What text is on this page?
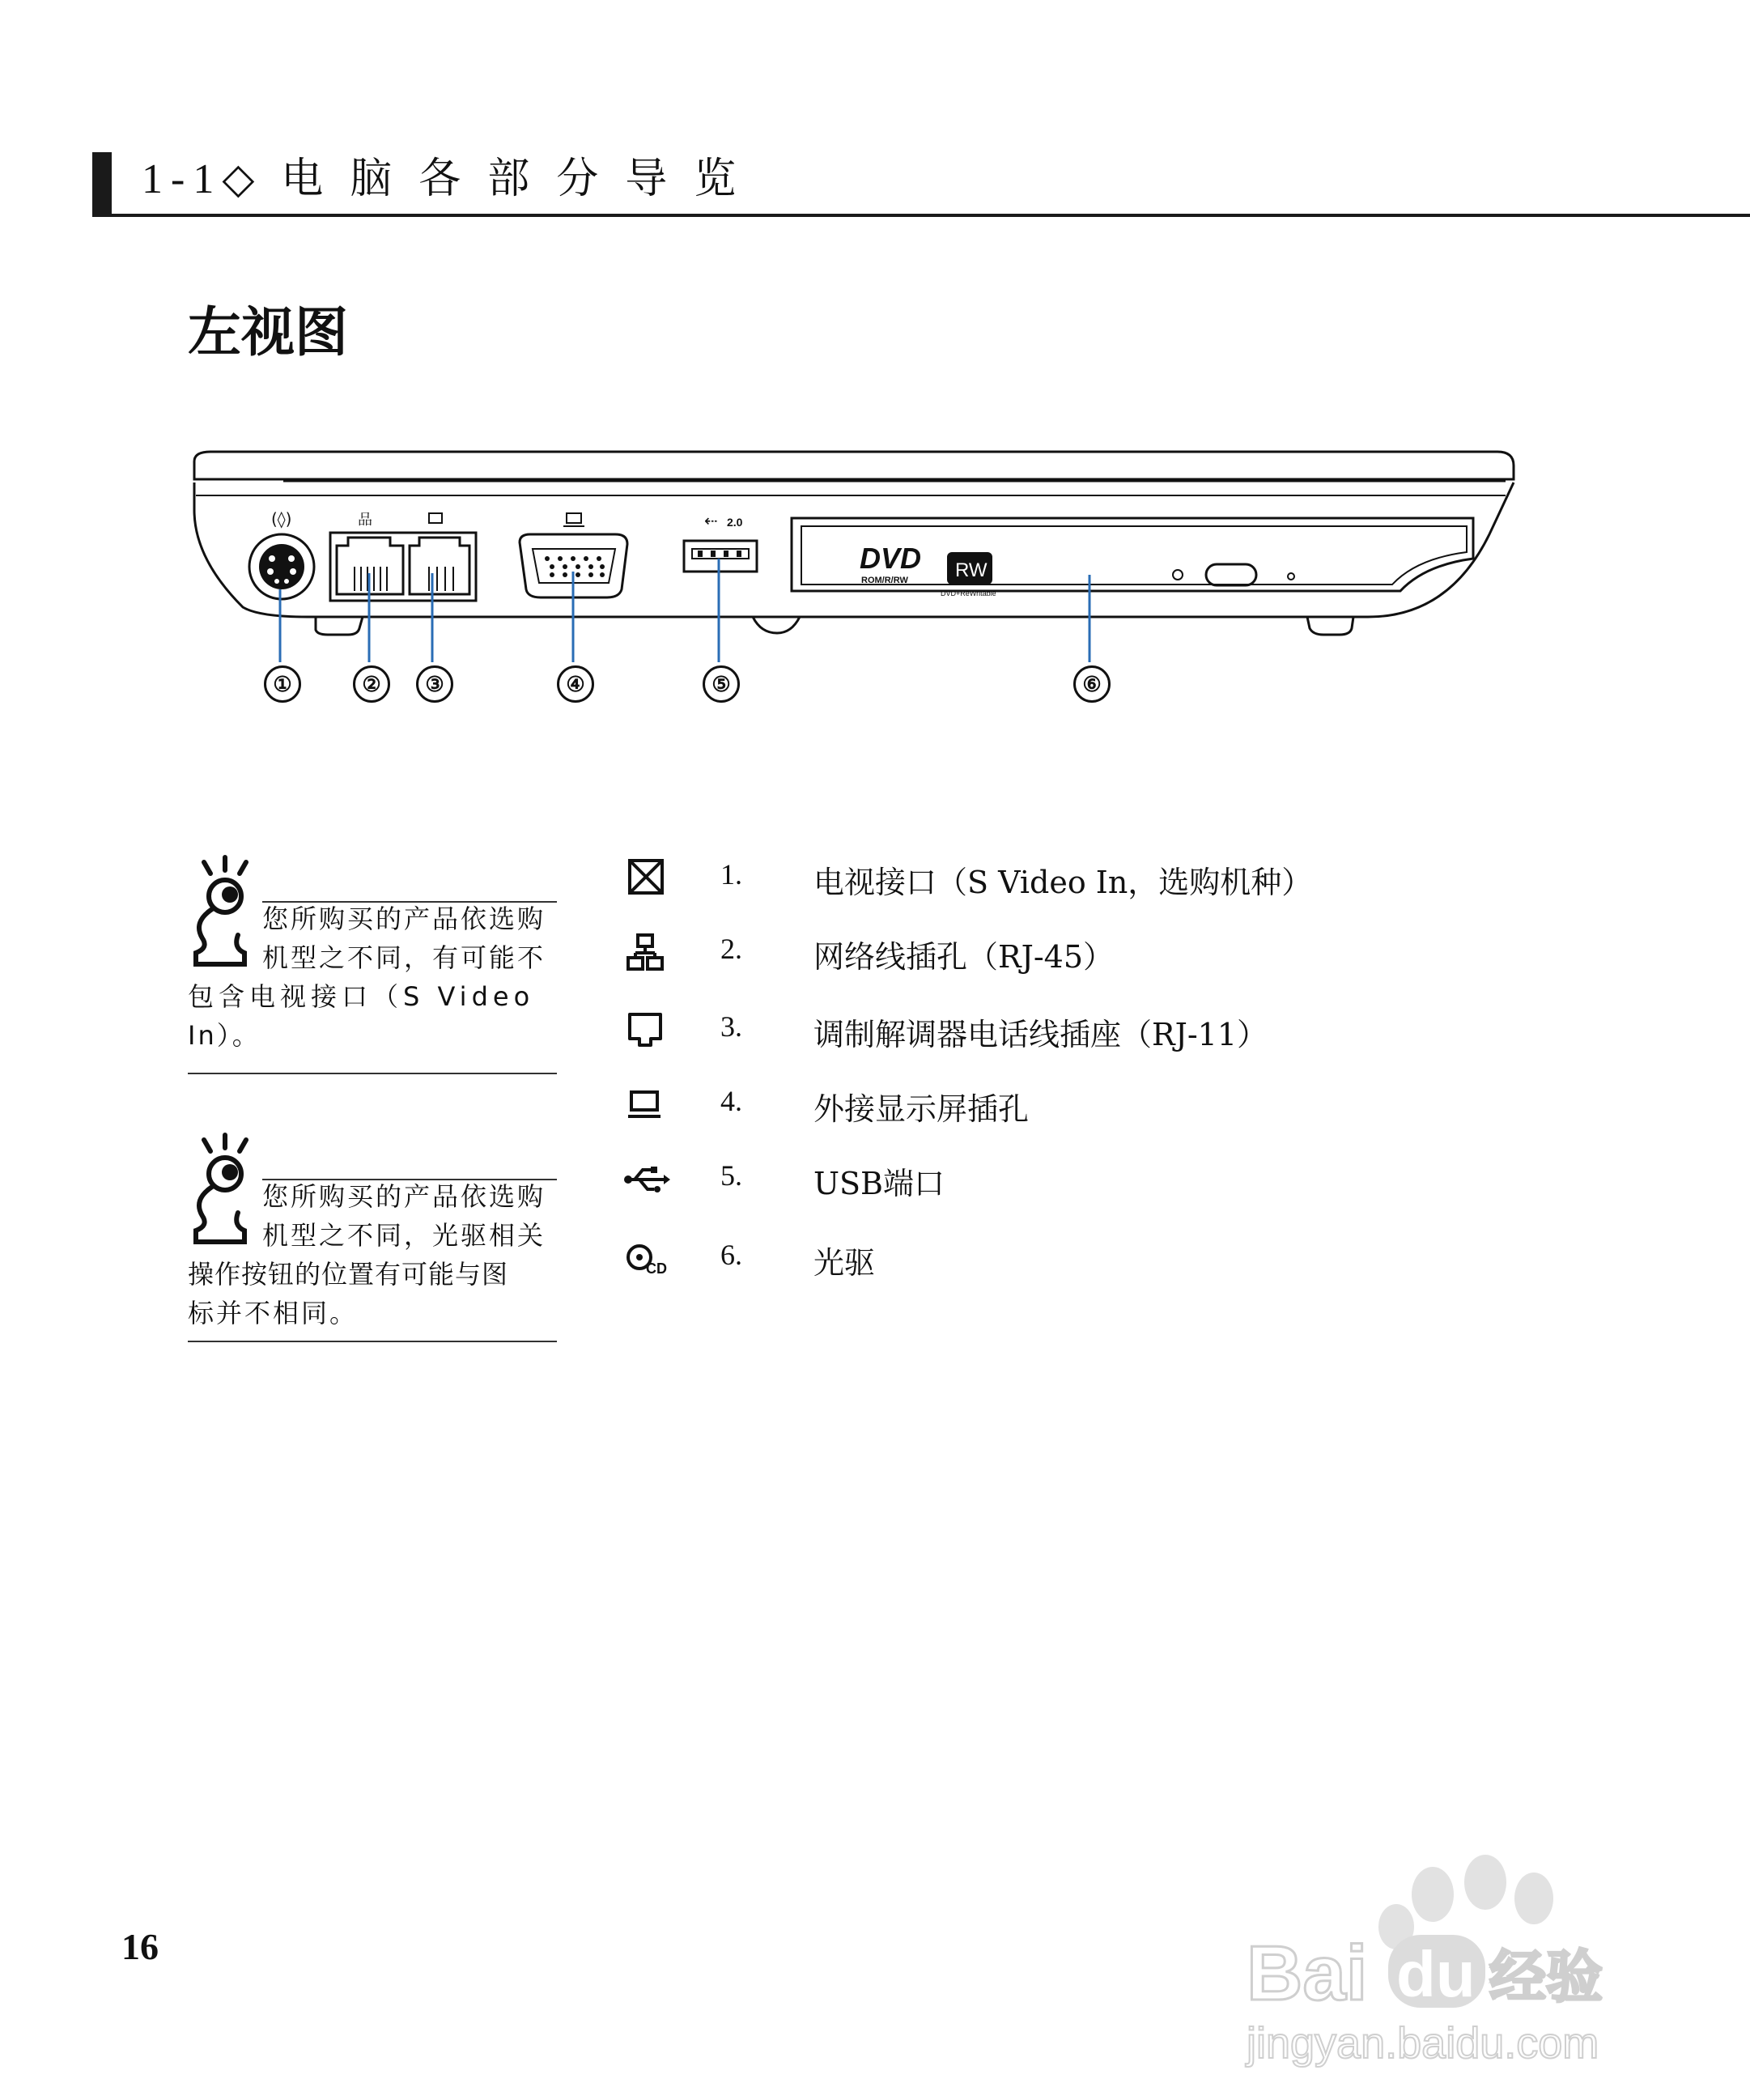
1-1◇ 电 脑 各 部 分 导 览
左视图
(◊)	品	⇠ 2.0
DVD
ROM/R/RW RW
DVD+ReWritable
①	②	③	④	⑤	⑥
您所购买的产品依选购
机型之不同，有可能不
包含电视接口（S Video
In）。
您所购买的产品依选购
机型之不同，光驱相关
操作按钮的位置有可能与图
标并不相同。
1. 电视接口（S Video In，选购机种）
2. 网络线插孔（RJ-45）
3. 调制解调器电话线插座（RJ-11）
4. 外接显示屏插孔
5. USB端口
CD 6. 光驱
16	Bai du 经验
jingyan.baidu.com
